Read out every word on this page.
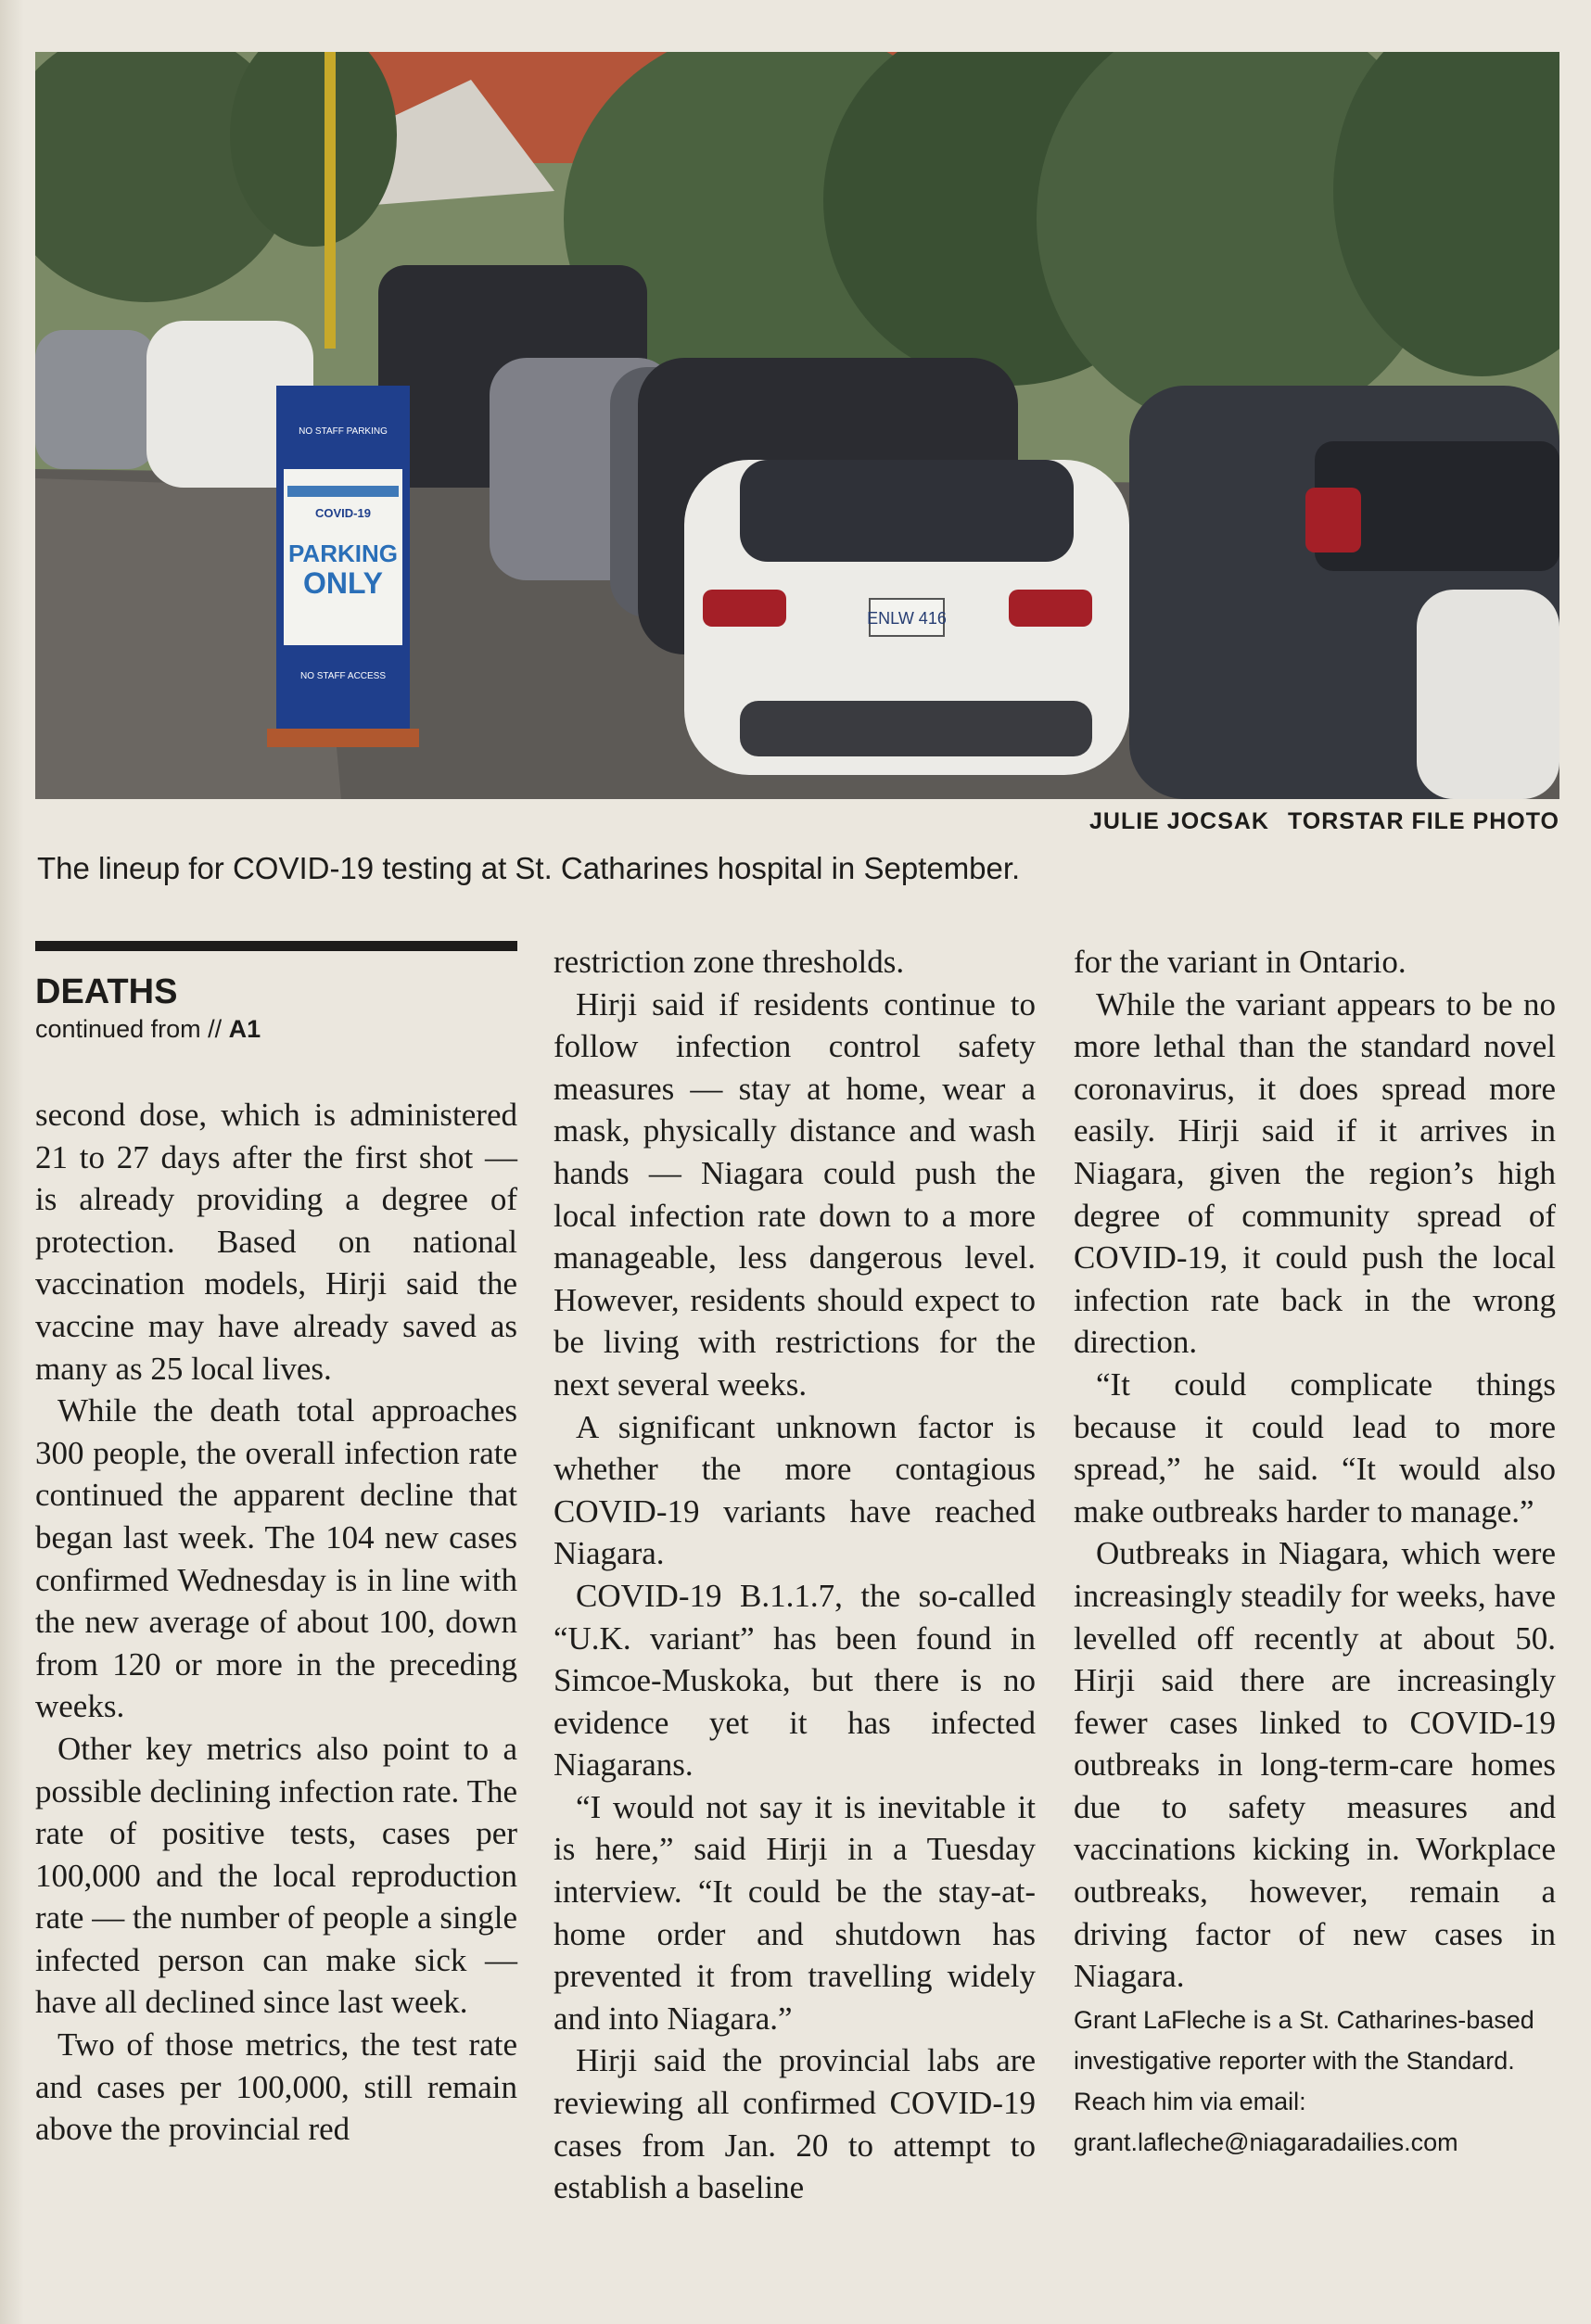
ENLW 416
NO STAFF PARKING
COVID-19
PARKING
ONLY
NO STAFF ACCESS
JULIE JOCSAK TORSTAR FILE PHOTO
The lineup for COVID-19 testing at St. Catharines hospital in September.
DEATHS
continued from // A1

second dose, which is administered 21 to 27 days after the first shot — is already providing a degree of protection. Based on national vaccination models, Hirji said the vaccine may have already saved as many as 25 local lives.

While the death total approaches 300 people, the overall infection rate continued the apparent decline that began last week. The 104 new cases confirmed Wednesday is in line with the new average of about 100, down from 120 or more in the preceding weeks.

Other key metrics also point to a possible declining infection rate. The rate of positive tests, cases per 100,000 and the local reproduction rate — the number of people a single infected person can make sick — have all declined since last week.

Two of those metrics, the test rate and cases per 100,000, still remain above the provincial red

restriction zone thresholds.

Hirji said if residents continue to follow infection control safety measures — stay at home, wear a mask, physically distance and wash hands — Niagara could push the local infection rate down to a more manageable, less dangerous level. However, residents should expect to be living with restrictions for the next several weeks.

A significant unknown factor is whether the more contagious COVID-19 variants have reached Niagara.

COVID-19 B.1.1.7, the so-called “U.K. variant” has been found in Simcoe-Muskoka, but there is no evidence yet it has infected Niagarans.

“I would not say it is inevitable it is here,” said Hirji in a Tuesday interview. “It could be the stay-at-home order and shutdown has prevented it from travelling widely and into Niagara.”

Hirji said the provincial labs are reviewing all confirmed COVID-19 cases from Jan. 20 to attempt to establish a baseline

for the variant in Ontario.

While the variant appears to be no more lethal than the standard novel coronavirus, it does spread more easily. Hirji said if it arrives in Niagara, given the region’s high degree of community spread of COVID-19, it could push the local infection rate back in the wrong direction.

“It could complicate things because it could lead to more spread,” he said. “It would also make outbreaks harder to manage.”

Outbreaks in Niagara, which were increasingly steadily for weeks, have levelled off recently at about 50. Hirji said there are increasingly fewer cases linked to COVID-19 outbreaks in long-term-care homes due to safety measures and vaccinations kicking in. Workplace outbreaks, however, remain a driving factor of new cases in Niagara.

Grant LaFleche is a St. Catharines-based investigative reporter with the Standard. Reach him via email: grant.lafleche@niagaradailies.com
